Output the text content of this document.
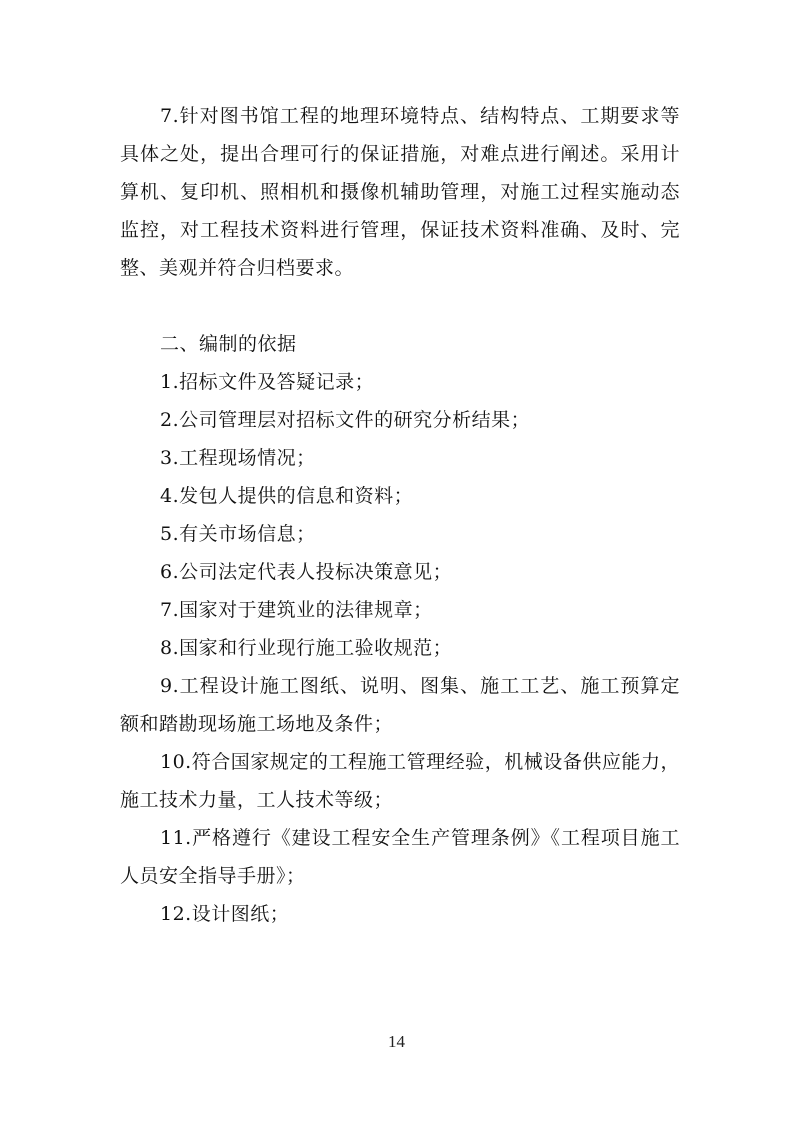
7.针对图书馆工程的地理环境特点、结构特点、工期要求等具体之处，提出合理可行的保证措施，对难点进行阐述。采用计算机、复印机、照相机和摄像机辅助管理，对施工过程实施动态监控，对工程技术资料进行管理，保证技术资料准确、及时、完整、美观并符合归档要求。

二、编制的依据

1.招标文件及答疑记录；

2.公司管理层对招标文件的研究分析结果；

3.工程现场情况；

4.发包人提供的信息和资料；

5.有关市场信息；

6.公司法定代表人投标决策意见；

7.国家对于建筑业的法律规章；

8.国家和行业现行施工验收规范；

9.工程设计施工图纸、说明、图集、施工工艺、施工预算定额和踏勘现场施工场地及条件；

10.符合国家规定的工程施工管理经验，机械设备供应能力，施工技术力量，工人技术等级；

11.严格遵行《建设工程安全生产管理条例》《工程项目施工人员安全指导手册》；

12.设计图纸；

14
